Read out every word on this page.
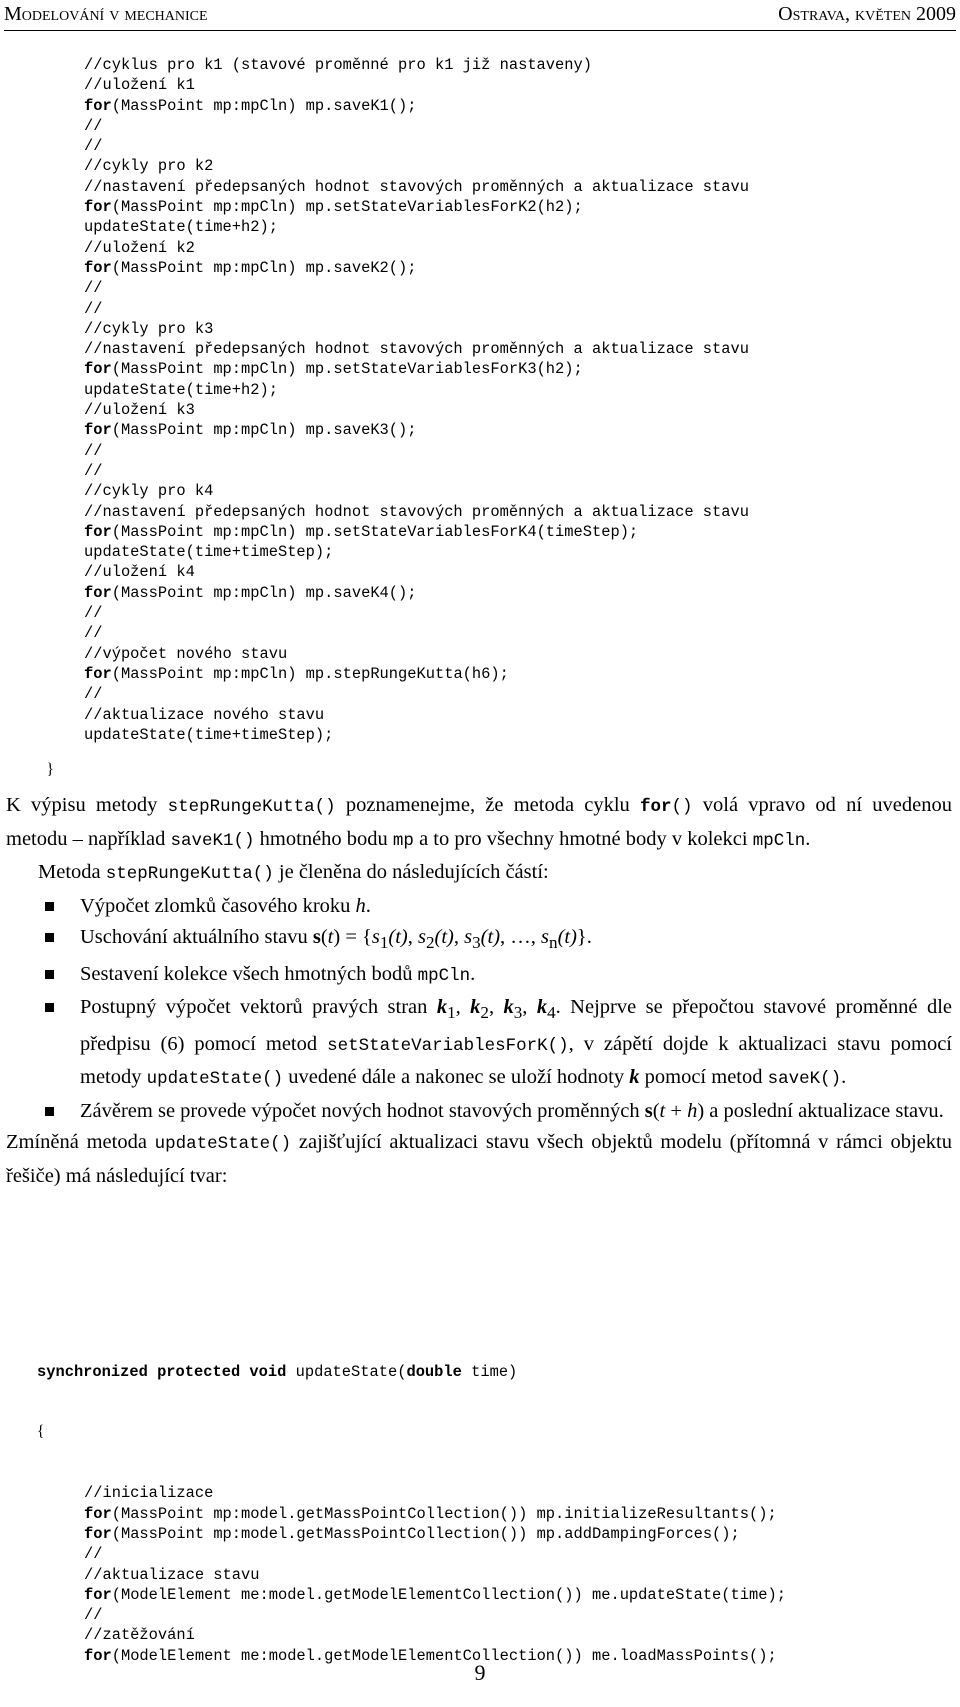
Modelování v mechanice	Ostrava, květen 2009
//cyklus pro k1 (stavové proměnné pro k1 již nastaveny)
//uložení k1
for(MassPoint mp:mpCln) mp.saveK1();
//
//
//cykly pro k2
//nastavení předepsaných hodnot stavových proměnných a aktualizace stavu
for(MassPoint mp:mpCln) mp.setStateVariablesForK2(h2);
updateState(time+h2);
//uložení k2
for(MassPoint mp:mpCln) mp.saveK2();
//
//
//cykly pro k3
//nastavení předepsaných hodnot stavových proměnných a aktualizace stavu
for(MassPoint mp:mpCln) mp.setStateVariablesForK3(h2);
updateState(time+h2);
//uložení k3
for(MassPoint mp:mpCln) mp.saveK3();
//
//
//cykly pro k4
//nastavení předepsaných hodnot stavových proměnných a aktualizace stavu
for(MassPoint mp:mpCln) mp.setStateVariablesForK4(timeStep);
updateState(time+timeStep);
//uložení k4
for(MassPoint mp:mpCln) mp.saveK4();
//
//
//výpočet nového stavu
for(MassPoint mp:mpCln) mp.stepRungeKutta(h6);
//
//aktualizace nového stavu
updateState(time+timeStep);

}

K výpisu metody stepRungeKutta() poznamenejme, že metoda cyklu for() volá vpravo od ní uvedenou metodu – například saveK1() hmotného bodu mp a to pro všechny hmotné body v kolekci mpCln.

Metoda stepRungeKutta() je členěna do následujících částí:

Výpočet zlomků časového kroku h.
Uschování aktuálního stavu $s(t) = \{s_1(t)$, $s_2(t)$, $s_3(t)$, …, $s_n(t)$}.
Sestavení kolekce všech hmotných bodů mpCln.
Postupný výpočet vektorů pravých stran $k_1$, $k_2$, $k_3$, $k_4$. Nejprve se přepočtou stavové proměnné dle předpisu (6) pomocí metod setStateVariablesForK(), v zápětí dojde k aktualizaci stavu pomocí metody updateState() uvedené dále a nakonec se uloží hodnoty k pomocí metod saveK().
Závěrem se provede výpočet nových hodnot stavových proměnných s(t + h) a poslední aktualizace stavu.

Zmíněná metoda updateState() zajišťující aktualizaci stavu všech objektů modelu (přítomná v rámci objektu řešiče) má následující tvar:

synchronized protected void updateState(double time)

{

//inicializace
for(MassPoint mp:model.getMassPointCollection()) mp.initializeResultants();
for(MassPoint mp:model.getMassPointCollection()) mp.addDampingForces();
//
//aktualizace stavu
for(ModelElement me:model.getModelElementCollection()) me.updateState(time);
//
//zatěžování
for(ModelElement me:model.getModelElementCollection()) me.loadMassPoints();

9
